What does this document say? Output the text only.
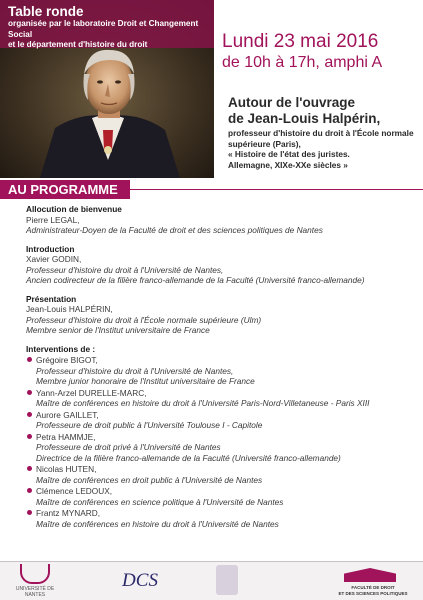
Table ronde
organisée par le laboratoire Droit et Changement Social
et le département d'histoire du droit	Lundi 23 mai 2016
de 10h à 17h, amphi A
Autour de l'ouvrage
de Jean-Louis Halpérin,
professeur d'histoire du droit à l'École normale
supérieure (Paris),
« Histoire de l'état des juristes.
Allemagne, XIXe-XXe siècles »
AU PROGRAMME
Allocution de bienvenue
Pierre LEGAL,
Administrateur-Doyen de la Faculté de droit et des sciences politiques de Nantes
Introduction
Xavier GODIN,
Professeur d'histoire du droit à l'Université de Nantes,
Ancien codirecteur de la filière franco-allemande de la Faculté (Université franco-allemande)
Présentation
Jean-Louis HALPÉRIN,
Professeur d'histoire du droit à l'École normale supérieure (Ulm)
Membre senior de l'Institut universitaire de France
Interventions de :
Grégoire BIGOT,
Professeur d'histoire du droit à l'Université de Nantes,
Membre junior honoraire de l'Institut universitaire de France
Yann-Arzel DURELLE-MARC,
Maître de conférences en histoire du droit à l'Université Paris-Nord-Villetaneuse - Paris XIII
Aurore GAILLET,
Professeure de droit public à l'Université Toulouse I - Capitole
Petra HAMMJE,
Professeure de droit privé à l'Université de Nantes
Directrice de la filière franco-allemande de la Faculté (Université franco-allemande)
Nicolas HUTEN,
Maître de conférences en droit public à l'Université de Nantes
Clémence LEDOUX,
Maître de conférences en science politique à l'Université de Nantes
Frantz MYNARD,
Maître de conférences en histoire du droit à l'Université de Nantes
UNIVERSITÉ DE NANTES
DCS	FACULTÉ DE DROIT
ET DES SCIENCES POLITIQUES
